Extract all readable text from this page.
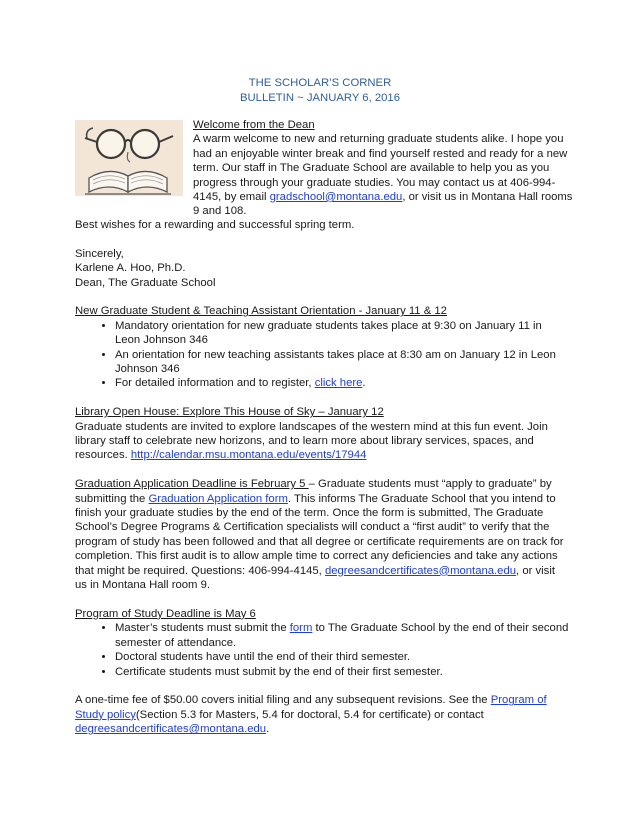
THE SCHOLAR’S CORNER
BULLETIN ~ JANUARY 6, 2016
Welcome from the Dean

A warm welcome to new and returning graduate students alike. I hope you had an enjoyable winter break and find yourself rested and ready for a new term. Our staff in The Graduate School are available to help you as you progress through your graduate studies. You may contact us at 406-994-4145, by email gradschool@montana.edu, or visit us in Montana Hall rooms 9 and 108.

Best wishes for a rewarding and successful spring term.

Sincerely,

Karlene A. Hoo, Ph.D.

Dean, The Graduate School

New Graduate Student & Teaching Assistant Orientation - January 11 & 12
• Mandatory orientation for new graduate students takes place at 9:30 on January 11 in Leon Johnson 346
• An orientation for new teaching assistants takes place at 8:30 am on January 12 in Leon Johnson 346
• For detailed information and to register, click here.
Library Open House: Explore This House of Sky – January 12

Graduate students are invited to explore landscapes of the western mind at this fun event. Join library staff to celebrate new horizons, and to learn more about library services, spaces, and resources. http://calendar.msu.montana.edu/events/17944

Graduation Application Deadline is February 5 – Graduate students must “apply to graduate” by submitting the Graduation Application form. This informs The Graduate School that you intend to finish your graduate studies by the end of the term. Once the form is submitted, The Graduate School’s Degree Programs & Certification specialists will conduct a “first audit” to verify that the program of study has been followed and that all degree or certificate requirements are on track for completion. This first audit is to allow ample time to correct any deficiencies and take any actions that might be required. Questions: 406-994-4145, degreesandcertificates@montana.edu, or visit us in Montana Hall room 9.

Program of Study Deadline is May 6
• Master’s students must submit the form to The Graduate School by the end of their second semester of attendance.
• Doctoral students have until the end of their third semester.
• Certificate students must submit by the end of their first semester.

A one-time fee of $50.00 covers initial filing and any subsequent revisions. See the Program of Study policy(Section 5.3 for Masters, 5.4 for doctoral, 5.4 for certificate) or contact degreesandcertificates@montana.edu.
